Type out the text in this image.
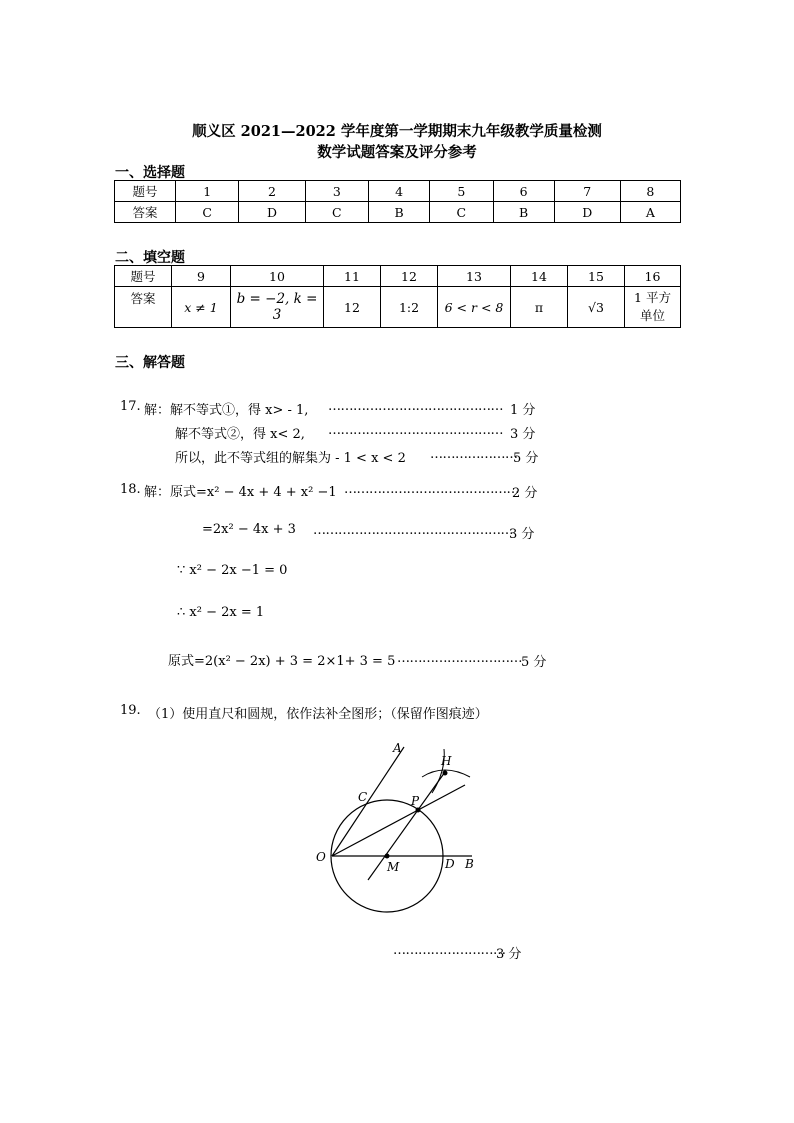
顺义区 2021—2022 学年度第一学期期末九年级教学质量检测
数学试题答案及评分参考
一、选择题
题号	1	2	3	4	5	6	7	8
答案	C	D	C	B	C	B	D	A
二、填空题
题号	9	10	11	12	13	14	15	16
答案	x ≠ 1	b = −2, k = 3	12	1:2	6 < r < 8	π	√3	1 平方
单位
三、解答题
17. 解：解不等式①，得 x> - 1, …………………………………… 1 分
解不等式②，得 x< 2, …………………………………… 3 分
所以，此不等式组的解集为 - 1 < x < 2 …………………
5 分
18. 解：原式=x² − 4x + 4 + x² −1 ……………………………………
2 分
=2x² − 4x + 3 …………………………………………
3 分
∵ x² − 2x −1 = 0
∴ x² − 2x = 1
原式=2(x² − 2x) + 3 = 2×1+ 3 = 5 ………………………… 5 分
19. （1）使用直尺和圆规，依作法补全图形；（保留作图痕迹）
A
H
C	P
O
M	D B
………………………
3 分
